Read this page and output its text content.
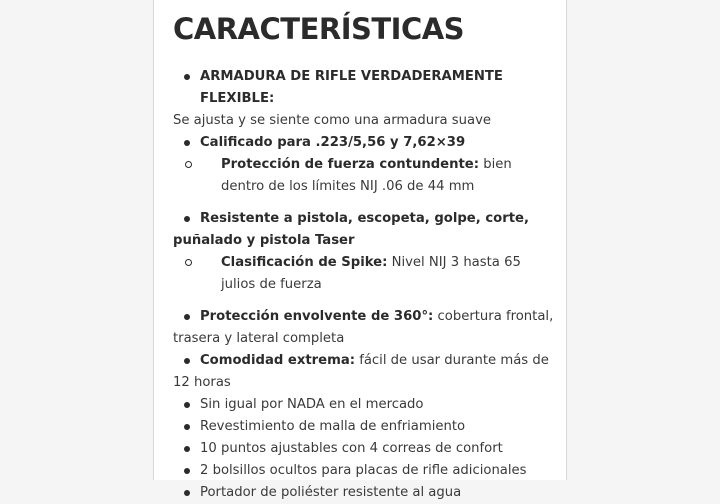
CARACTERÍSTICAS
ARMADURA DE RIFLE VERDADERAMENTE FLEXIBLE:
Se ajusta y se siente como una armadura suave
Calificado para .223/5,56 y 7,62×39
Protección de fuerza contundente: bien dentro de los límites NIJ .06 de 44 mm
Resistente a pistola, escopeta, golpe, corte, puñalado y pistola Taser
Clasificación de Spike: Nivel NIJ 3 hasta 65 julios de fuerza
Protección envolvente de 360°: cobertura frontal, trasera y lateral completa
Comodidad extrema: fácil de usar durante más de 12 horas
Sin igual por NADA en el mercado
Revestimiento de malla de enfriamiento
10 puntos ajustables con 4 correas de confort
2 bolsillos ocultos para placas de rifle adicionales
Portador de poliéster resistente al agua
